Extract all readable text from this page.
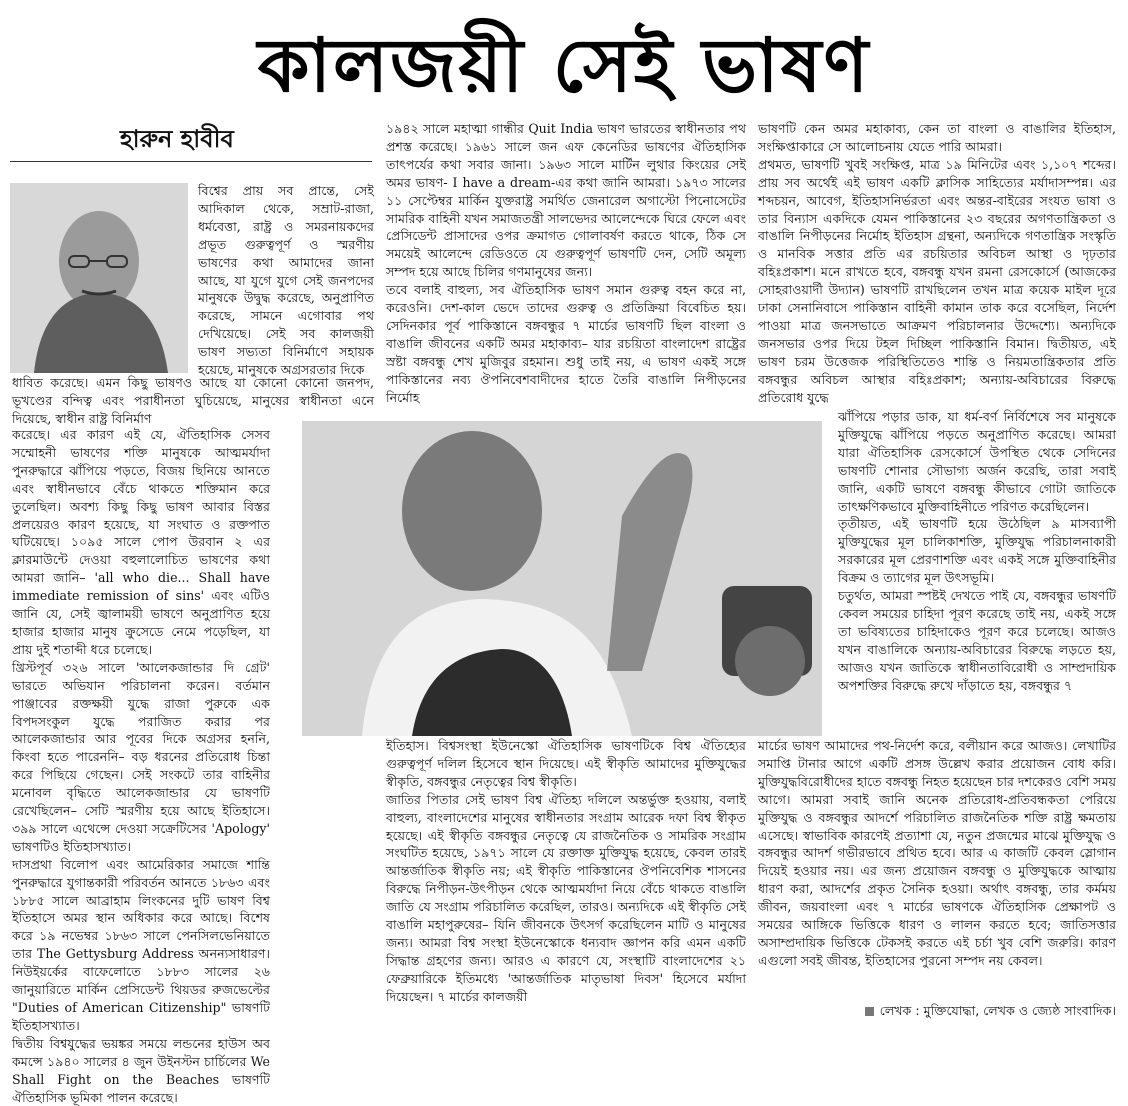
কালজয়ী সেই ভাষণ
হারুন হাবীব
বিশ্বের প্রায় সব প্রান্তে, সেই আদিকাল থেকে, সম্রাট-রাজা, ধর্মবেত্তা, রাষ্ট্র ও সমরনায়কদের প্রভূত গুরুত্বপূর্ণ ও স্মরণীয় ভাষণের কথা আমাদের জানা আছে, যা যুগে যুগে সেই জনপদের মানুষকে উদ্বুদ্ধ করেছে, অনুপ্রাণিত করেছে, সামনে এগোবার পথ দেখিয়েছে। সেই সব কালজয়ী ভাষণ সভ্যতা বিনির্মাণে সহায়ক হয়েছে, মানুষকে অগ্রসরতার দিকে
ধাবিত করেছে। এমন কিছু ভাষণও আছে যা কোনো কোনো জনপদ, ভূখণ্ডের বন্দিত্ব এবং পরাধীনতা ঘুচিয়েছে, মানুষের স্বাধীনতা এনে দিয়েছে, স্বাধীন রাষ্ট্র বিনির্মাণ

করেছে। এর কারণ এই যে, ঐতিহাসিক সেসব সম্মোহনী ভাষণের শক্তি মানুষকে আত্মমর্যাদা পুনরুদ্ধারে ঝাঁপিয়ে পড়তে, বিজয় ছিনিয়ে আনতে এবং স্বাধীনভাবে বেঁচে থাকতে শক্তিমান করে তুলেছিল। অবশ্য কিছু কিছু ভাষণ আবার বিস্তর প্রলয়েরও কারণ হয়েছে, যা সংঘাত ও রক্তপাত ঘটিয়েছে। ১০৯৫ সালে পোপ উরবান ২ এর ক্লারমাউন্টে দেওয়া বহুলালোচিত ভাষণের কথা আমরা জানি– 'all who die... Shall have immediate remission of sins' এবং এটিও জানি যে, সেই জ্বালাময়ী ভাষণে অনুপ্রাণিত হয়ে হাজার হাজার মানুষ ক্রুসেডে নেমে পড়েছিল, যা প্রায় দুই শতাব্দী ধরে চলেছে।

খ্রিস্টপূর্ব ৩২৬ সালে 'আলেকজান্ডার দি গ্রেট' ভারতে অভিযান পরিচালনা করেন। বর্তমান পাঞ্জাবের রক্তক্ষয়ী যুদ্ধে রাজা পুরুকে এক বিপদসংকুল যুদ্ধে পরাজিত করার পর আলেকজান্ডার আর পূবের দিকে অগ্রসর হননি, কিংবা হতে পারেননি– বড় ধরনের প্রতিরোধ চিন্তা করে পিছিয়ে গেছেন। সেই সংকটে তার বাহিনীর মনোবল বৃদ্ধিতে আলেকজান্ডার যে ভাষণটি রেখেছিলেন– সেটি স্মরণীয় হয়ে আছে ইতিহাসে। ৩৯৯ সালে এথেন্সে দেওয়া সক্রেটিসের 'Apology' ভাষণটিও ইতিহাসখ্যাত।

দাসপ্রথা বিলোপ এবং আমেরিকার সমাজে শান্তি পুনরুদ্ধারে যুগান্তকারী পরিবর্তন আনতে ১৮৬৩ এবং ১৮৮৫ সালে আব্রাহাম লিংকনের দুটি ভাষণ বিশ্ব ইতিহাসে অমর স্থান অধিকার করে আছে। বিশেষ করে ১৯ নভেম্বর ১৮৬৩ সালে পেনসিলভেনিয়াতে তার The Gettysburg Address অনন্যসাধারণ। নিউইয়র্কের বাফেলোতে ১৮৮৩ সালের ২৬ জানুয়ারিতে মার্কিন প্রেসিডেন্ট থিয়ডর রুজভেল্টের "Duties of American Citizenship" ভাষণটি ইতিহাসখ্যাত।

দ্বিতীয় বিশ্বযুদ্ধের ভয়ঙ্কর সময়ে লন্ডনের হাউস অব কমন্সে ১৯৪০ সালের ৪ জুন উইনস্টন চার্চিলের We Shall Fight on the Beaches ভাষণটি ঐতিহাসিক ভূমিকা পালন করেছে।

১৯৪২ সালে মহাত্মা গান্ধীর Quit India ভাষণ ভারতের স্বাধীনতার পথ প্রশস্ত করেছে। ১৯৬১ সালে জন এফ কেনেডির ভাষণের ঐতিহাসিক তাৎপর্যের কথা সবার জানা। ১৯৬৩ সালে মার্টিন লুথার কিংয়ের সেই অমর ভাষণ- I have a dream-এর কথা জানি আমরা। ১৯৭৩ সালের ১১ সেপ্টেম্বর মার্কিন যুক্তরাষ্ট্র সমর্থিত জেনারেল অগাস্টো পিনোসেটের সামরিক বাহিনী যখন সমাজতন্ত্রী সালভেদর আলেন্দেকে ঘিরে ফেলে এবং প্রেসিডেন্ট প্রাসাদের ওপর ক্রমাগত গোলাবর্ষণ করতে থাকে, ঠিক সে সময়েই আলেন্দে রেডিওতে যে গুরুত্বপূর্ণ ভাষণটি দেন, সেটি অমূল্য সম্পদ হয়ে আছে চিলির গণমানুষের জন্য।

তবে বলাই বাহুল্য, সব ঐতিহাসিক ভাষণ সমান গুরুত্ব বহন করে না, করেওনি। দেশ-কাল ভেদে তাদের গুরুত্ব ও প্রতিক্রিয়া বিবেচিত হয়। সেদিনকার পূর্ব পাকিস্তানে বঙ্গবন্ধুর ৭ মার্চের ভাষণটি ছিল বাংলা ও বাঙালি জীবনের একটি অমর মহাকাব্য– যার রচয়িতা বাংলাদেশ রাষ্ট্রের স্রষ্টা বঙ্গবন্ধু শেখ মুজিবুর রহমান। শুধু তাই নয়, এ ভাষণ একই সঙ্গে পাকিস্তানের নব্য ঔপনিবেশবাদীদের হাতে তৈরি বাঙালি নিপীড়নের নির্মোহ

ভাষণটি কেন অমর মহাকাব্য, কেন তা বাংলা ও বাঙালির ইতিহাস, সংক্ষিপ্তাকারে সে আলোচনায় যেতে পারি আমরা।

প্রথমত, ভাষণটি খুবই সংক্ষিপ্ত, মাত্র ১৯ মিনিটের এবং ১,১০৭ শব্দের। প্রায় সব অর্থেই এই ভাষণ একটি ক্লাসিক সাহিত্যের মর্যাদাসম্পন্ন। এর শব্দচয়ন, আবেগ, ইতিহাসনির্ভরতা এবং অন্তর-বাইরের সংযত ভাষা ও তার বিন্যাস একদিকে যেমন পাকিস্তানের ২৩ বছরের অগণতান্ত্রিকতা ও বাঙালি নিপীড়নের নির্মোহ ইতিহাস গ্রন্থনা, অন্যদিকে গণতান্ত্রিক সংস্কৃতি ও মানবিক সত্তার প্রতি এর রচয়িতার অবিচল আস্থা ও দৃঢ়তার বহিঃপ্রকাশ। মনে রাখতে হবে, বঙ্গবন্ধু যখন রমনা রেসকোর্সে (আজকের সোহরাওয়ার্দী উদ্যান) ভাষণটি রাখছিলেন তখন মাত্র কয়েক মাইল দূরে ঢাকা সেনানিবাসে পাকিস্তান বাহিনী কামান তাক করে বসেছিল, নির্দেশ পাওয়া মাত্র জনসভাতে আক্রমণ পরিচালনার উদ্দেশ্যে। অন্যদিকে জনসভার ওপর দিয়ে টহল দিচ্ছিল পাকিস্তানি বিমান। দ্বিতীয়ত, এই ভাষণ চরম উত্তেজক পরিস্থিতিতেও শান্তি ও নিয়মতান্ত্রিকতার প্রতি বঙ্গবন্ধুর অবিচল আস্থার বহিঃপ্রকাশ; অন্যায়-অবিচারের বিরুদ্ধে প্রতিরোধ যুদ্ধে

ঝাঁপিয়ে পড়ার ডাক, যা ধর্ম-বর্ণ নির্বিশেষে সব মানুষকে মুক্তিযুদ্ধে ঝাঁপিয়ে পড়তে অনুপ্রাণিত করেছে। আমরা যারা ঐতিহাসিক রেসকোর্সে উপস্থিত থেকে সেদিনের ভাষণটি শোনার সৌভাগ্য অর্জন করেছি, তারা সবাই জানি, একটি ভাষণে বঙ্গবন্ধু কীভাবে গোটা জাতিকে তাৎক্ষণিকভাবে মুক্তিবাহিনীতে পরিণত করেছিলেন।

তৃতীয়ত, এই ভাষণটি হয়ে উঠেছিল ৯ মাসব্যাপী মুক্তিযুদ্ধের মূল চালিকাশক্তি, মুক্তিযুদ্ধ পরিচালনাকারী সরকারের মূল প্রেরণাশক্তি এবং একই সঙ্গে মুক্তিবাহিনীর বিক্রম ও ত্যাগের মূল উৎসভূমি।

চতুর্থত, আমরা স্পষ্টই দেখতে পাই যে, বঙ্গবন্ধুর ভাষণটি কেবল সময়ের চাহিদা পূরণ করেছে তাই নয়, একই সঙ্গে তা ভবিষ্যতের চাহিদাকেও পূরণ করে চলেছে। আজও যখন বাঙালিকে অন্যায়-অবিচারের বিরুদ্ধে লড়তে হয়, আজও যখন জাতিকে স্বাধীনতাবিরোধী ও সাম্প্রদায়িক অপশক্তির বিরুদ্ধে রুখে দাঁড়াতে হয়, বঙ্গবন্ধুর ৭

ইতিহাস। বিশ্বসংস্থা ইউনেস্কো ঐতিহাসিক ভাষণটিকে বিশ্ব ঐতিহ্যের গুরুত্বপূর্ণ দলিল হিসেবে স্থান দিয়েছে। এই স্বীকৃতি আমাদের মুক্তিযুদ্ধের স্বীকৃতি, বঙ্গবন্ধুর নেতৃত্বের বিশ্ব স্বীকৃতি।

জাতির পিতার সেই ভাষণ বিশ্ব ঐতিহ্য দলিলে অন্তর্ভুক্ত হওয়ায়, বলাই বাহুল্য, বাংলাদেশের মানুষের স্বাধীনতার সংগ্রাম আরেক দফা বিশ্ব স্বীকৃত হয়েছে। এই স্বীকৃতি বঙ্গবন্ধুর নেতৃত্বে যে রাজনৈতিক ও সামরিক সংগ্রাম সংঘটিত হয়েছে, ১৯৭১ সালে যে রক্তাক্ত মুক্তিযুদ্ধ হয়েছে, কেবল তারই আন্তর্জাতিক স্বীকৃতি নয়; এই স্বীকৃতি পাকিস্তানের ঔপনিবেশিক শাসনের বিরুদ্ধে নিপীড়ন-উৎপীড়ন থেকে আত্মমর্যাদা নিয়ে বেঁচে থাকতে বাঙালি জাতি যে সংগ্রাম পরিচালিত করেছিল, তারও। অন্যদিকে এই স্বীকৃতি সেই বাঙালি মহাপুরুষের– যিনি জীবনকে উৎসর্গ করেছিলেন মাটি ও মানুষের জন্য। আমরা বিশ্ব সংস্থা ইউনেস্কোকে ধন্যবাদ জ্ঞাপন করি এমন একটি সিদ্ধান্ত গ্রহণের জন্য। আরও এ কারণে যে, সংস্থাটি বাংলাদেশের ২১ ফেব্রুয়ারিকে ইতিমধ্যে 'আন্তর্জাতিক মাতৃভাষা দিবস' হিসেবে মর্যাদা দিয়েছেন। ৭ মার্চের কালজয়ী

মার্চের ভাষণ আমাদের পথ-নির্দেশ করে, বলীয়ান করে আজও। লেখাটির সমাপ্তি টানার আগে একটি প্রসঙ্গ উল্লেখ করার প্রয়োজন বোধ করি। মুক্তিযুদ্ধবিরোধীদের হাতে বঙ্গবন্ধু নিহত হয়েছেন চার দশকেরও বেশি সময় আগে। আমরা সবাই জানি অনেক প্রতিরোধ-প্রতিবন্ধকতা পেরিয়ে মুক্তিযুদ্ধ ও বঙ্গবন্ধুর আদর্শে পরিচালিত রাজনৈতিক শক্তি রাষ্ট্র ক্ষমতায় এসেছে। স্বাভাবিক কারণেই প্রত্যাশা যে, নতুন প্রজন্মের মাঝে মুক্তিযুদ্ধ ও বঙ্গবন্ধুর আদর্শ গভীরভাবে প্রথিত হবে। আর এ কাজটি কেবল স্লোগান দিয়েই হওয়ার নয়। এর জন্য প্রয়োজন বঙ্গবন্ধু ও মুক্তিযুদ্ধকে আত্মায় ধারণ করা, আদর্শের প্রকৃত সৈনিক হওয়া। অর্থাৎ বঙ্গবন্ধু, তার কর্মময় জীবন, জয়বাংলা এবং ৭ মার্চের ভাষণকে ঐতিহাসিক প্রেক্ষাপট ও সময়ের আঙ্গিকে ভিত্তিকে ধারণ ও লালন করতে হবে; জাতিসত্তার অসাম্প্রদায়িক ভিত্তিকে টেকসই করতে এই চর্চা খুব বেশি জরুরি। কারণ এগুলো সবই জীবন্ত, ইতিহাসের পুরনো সম্পদ নয় কেবল।
লেখক : মুক্তিযোদ্ধা, লেখক ও জ্যেষ্ঠ সাংবাদিক।
